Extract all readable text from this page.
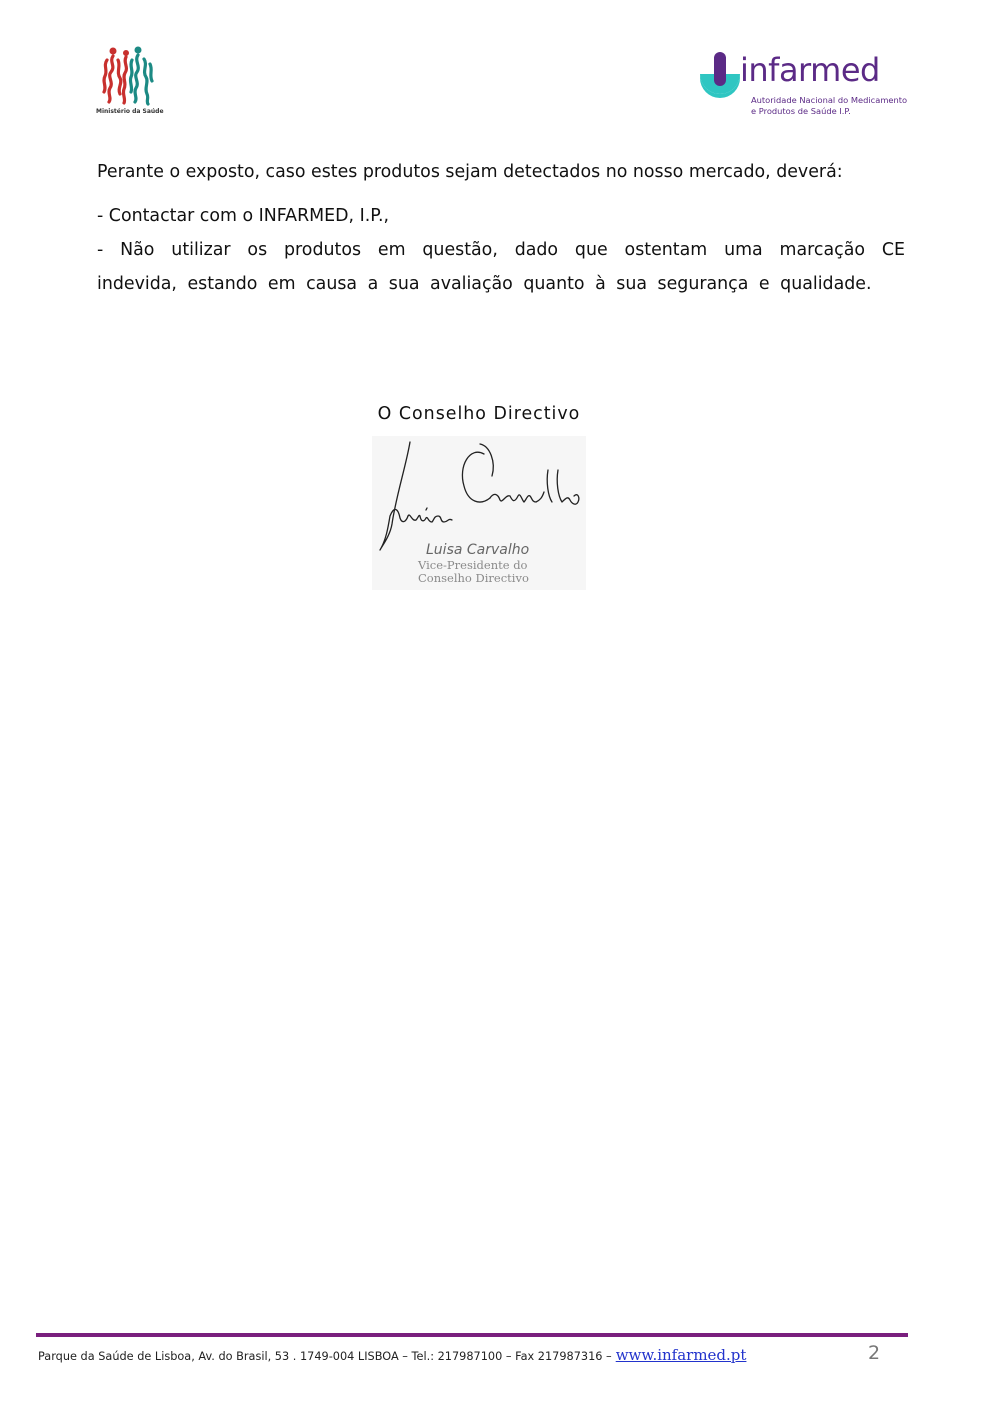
Ministério da Saúde
infarmed
Autoridade Nacional do Medicamento
e Produtos de Saúde I.P.

Perante o exposto, caso estes produtos sejam detectados no nosso mercado, deverá:

- Contactar com o INFARMED, I.P.,

- Não utilizar os produtos em questão, dado que ostentam uma marcação CE indevida, estando em causa a sua avaliação quanto à sua segurança e qualidade.

O Conselho Directivo
Luisa Carvalho
Vice-Presidente do
Conselho Directivo
Parque da Saúde de Lisboa, Av. do Brasil, 53 . 1749-004 LISBOA – Tel.: 217987100 – Fax 217987316 – www.infarmed.pt	2
